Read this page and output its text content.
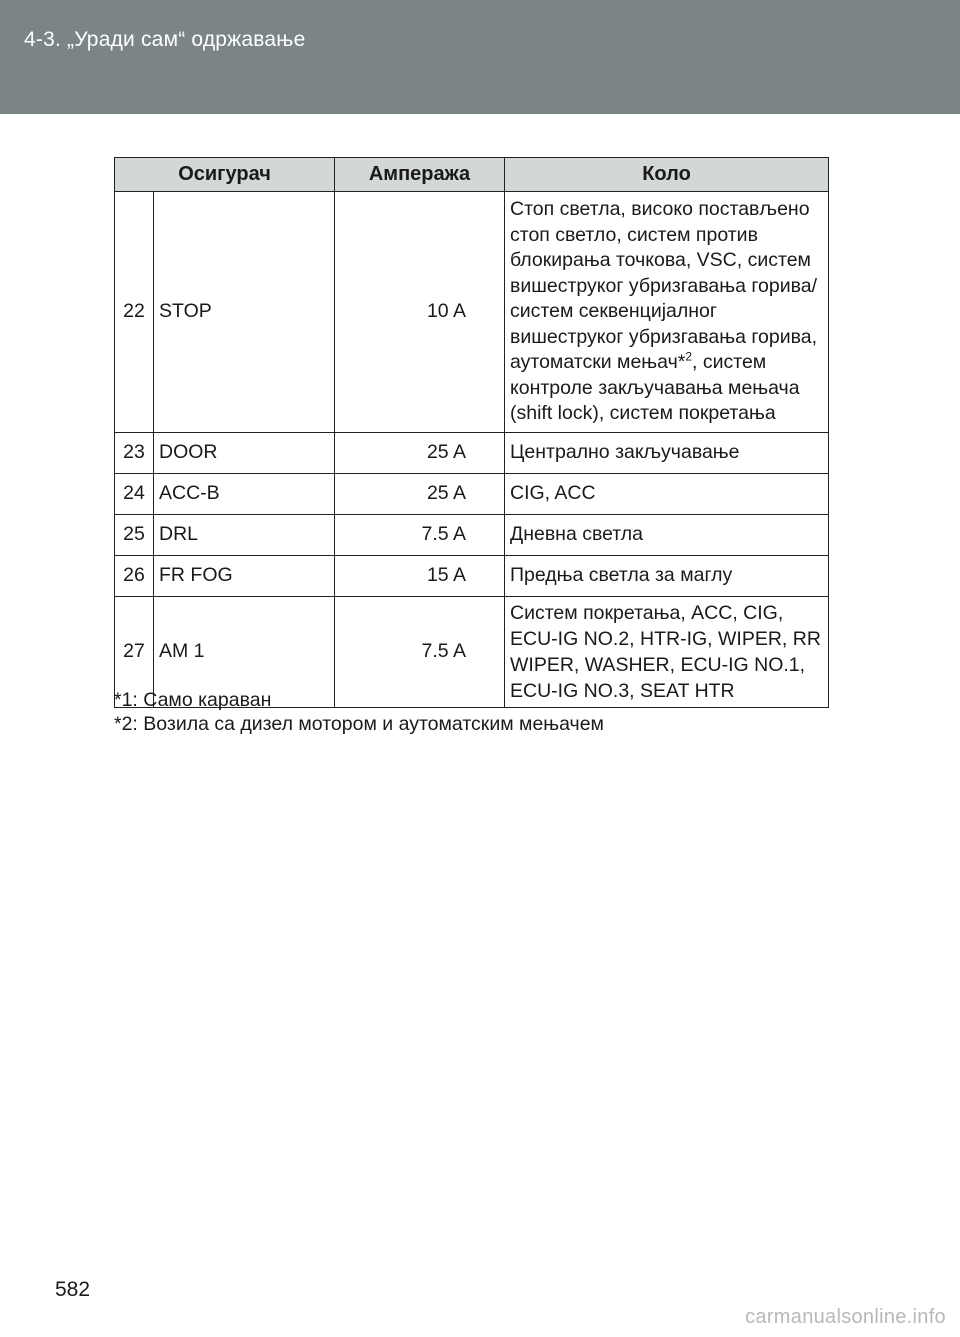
4-3. „Уради сам“ одржавање
Осигурач		Ампеража	Коло
22	STOP	10 A	Стоп светла, високо постављено стоп светло, систем против блокирања точкова, VSC, систем вишеструког убризгавања горива/ систем секвенцијалног вишеструког убризгавања горива, аутоматски мењач*$^2$, систем контроле закључавања мењача (shift lock), систем покретања
23	DOOR	25 A	Централно закључавање
24	ACC-B	25 A	CIG, ACC
25	DRL	7.5 A	Дневна светла
26	FR FOG	15 A	Предња светла за маглу
27	AM 1	7.5 A	Систем покретања, ACC, CIG, ECU-IG NO.2, HTR-IG, WIPER, RR WIPER, WASHER, ECU-IG NO.1, ECU-IG NO.3, SEAT HTR
*1: Само караван
*2: Возила са дизел мотором и аутоматским мењачем
582
carmanualsonline.info
